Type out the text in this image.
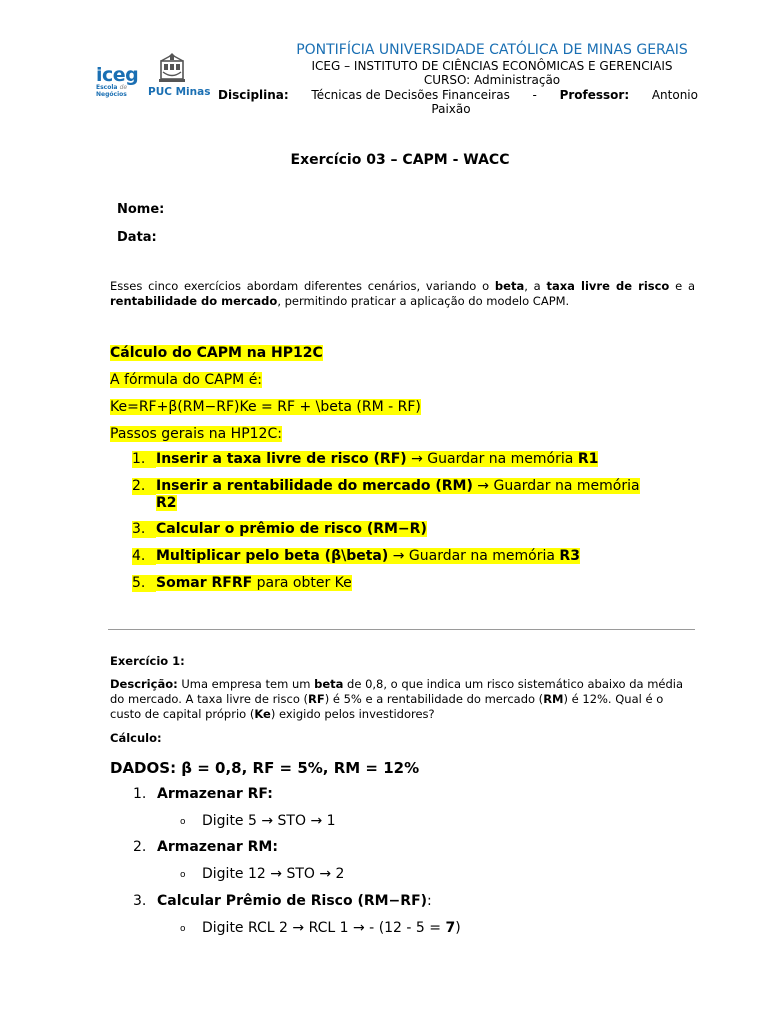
iceg
Escola de
Negócios	PUC Minas
PONTIFÍCIA UNIVERSIDADE CATÓLICA DE MINAS GERAIS
ICEG – INSTITUTO DE CIÊNCIAS ECONÔMICAS E GERENCIAIS
CURSO: Administração
Disciplina: Técnicas de Decisões Financeiras - Professor: Antonio
Paixão
Exercício 03 – CAPM - WACC
Nome:
Data:
Esses cinco exercícios abordam diferentes cenários, variando o beta, a taxa livre de risco e a rentabilidade do mercado, permitindo praticar a aplicação do modelo CAPM.
Cálculo do CAPM na HP12C
A fórmula do CAPM é:
Ke=RF+β(RM−RF)Ke = RF + \beta (RM - RF)
Passos gerais na HP12C:
1. Inserir a taxa livre de risco (RF) → Guardar na memória R1
2. Inserir a rentabilidade do mercado (RM) → Guardar na memória
R2
3. Calcular o prêmio de risco (RM−R)
4. Multiplicar pelo beta (β\beta) → Guardar na memória R3
5. Somar RFRF para obter Ke
Exercício 1:
Descrição: Uma empresa tem um beta de 0,8, o que indica um risco sistemático abaixo da média do mercado. A taxa livre de risco (RF) é 5% e a rentabilidade do mercado (RM) é 12%. Qual é o custo de capital próprio (Ke) exigido pelos investidores?
Cálculo:
DADOS: β = 0,8, RF = 5%, RM = 12%
1. Armazenar RF:
o Digite 5 → STO → 1
2. Armazenar RM:
o Digite 12 → STO → 2
3. Calcular Prêmio de Risco (RM−RF):
o Digite RCL 2 → RCL 1 → - (12 - 5 = 7)
